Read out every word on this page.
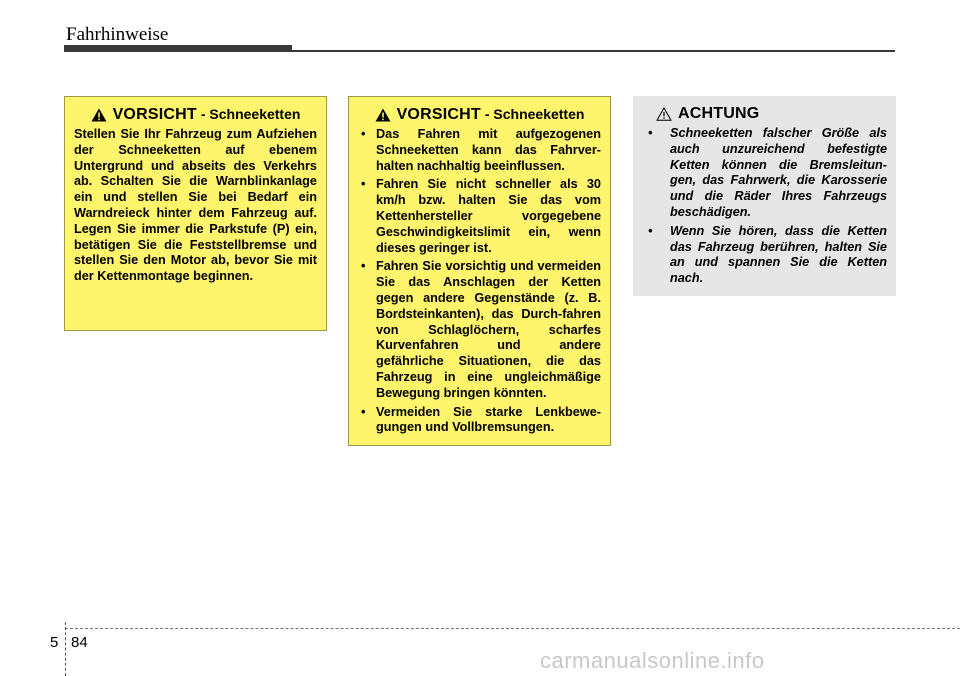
Fahrhinweise
VORSICHT - Schneeketten
Stellen Sie Ihr Fahrzeug zum Aufziehen der Schneeketten auf ebenem Untergrund und abseits des Verkehrs ab. Schalten Sie die Warnblinkanlage ein und stellen Sie bei Bedarf ein Warndreieck hinter dem Fahrzeug auf. Legen Sie immer die Parkstufe (P) ein, betätigen Sie die Feststellbremse und stellen Sie den Motor ab, bevor Sie mit der Kettenmontage beginnen.
VORSICHT - Schneeketten
• Das Fahren mit aufgezogenen Schneeketten kann das Fahrver-halten nachhaltig beeinflussen.
• Fahren Sie nicht schneller als 30 km/h bzw. halten Sie das vom Kettenhersteller vorgegebene Geschwindigkeitslimit ein, wenn dieses geringer ist.
• Fahren Sie vorsichtig und vermeiden Sie das Anschlagen der Ketten gegen andere Gegenstände (z. B. Bordsteinkanten), das Durch-fahren von Schlaglöchern, scharfes Kurvenfahren und andere gefährliche Situationen, die das Fahrzeug in eine ungleichmäßige Bewegung bringen könnten.
• Vermeiden Sie starke Lenkbewe-gungen und Vollbremsungen.
ACHTUNG
• Schneeketten falscher Größe als auch unzureichend befestigte Ketten können die Bremsleitun-gen, das Fahrwerk, die Karosserie und die Räder Ihres Fahrzeugs beschädigen.
• Wenn Sie hören, dass die Ketten das Fahrzeug berühren, halten Sie an und spannen Sie die Ketten nach.
5 84
carmanualsonline.info
